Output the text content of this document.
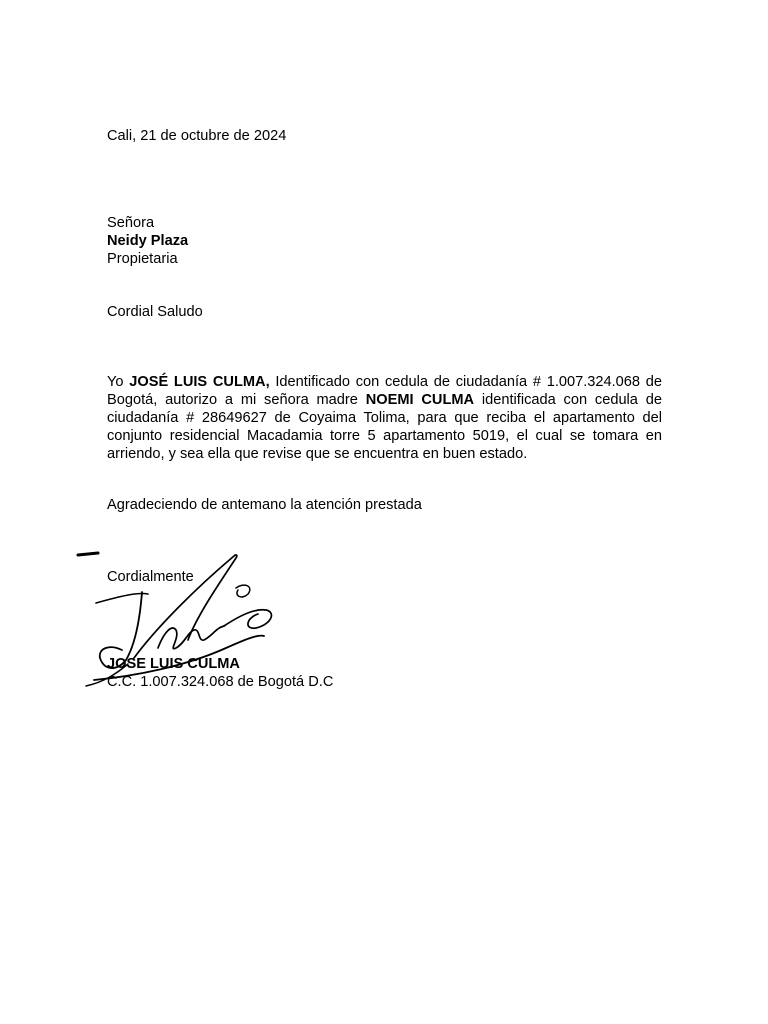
Cali, 21 de octubre de 2024
Señora
Neidy Plaza
Propietaria
Cordial Saludo
Yo JOSÉ LUIS CULMA, Identificado con cedula de ciudadanía # 1.007.324.068 de Bogotá, autorizo a mi señora madre NOEMI CULMA identificada con cedula de ciudadanía # 28649627 de Coyaima Tolima, para que reciba el apartamento del conjunto residencial Macadamia torre 5 apartamento 5019, el cual se tomara en arriendo, y sea ella que revise que se encuentra en buen estado.
Agradeciendo de antemano la atención prestada
Cordialmente
JOSE LUIS CULMA
C.C. 1.007.324.068 de Bogotá D.C
